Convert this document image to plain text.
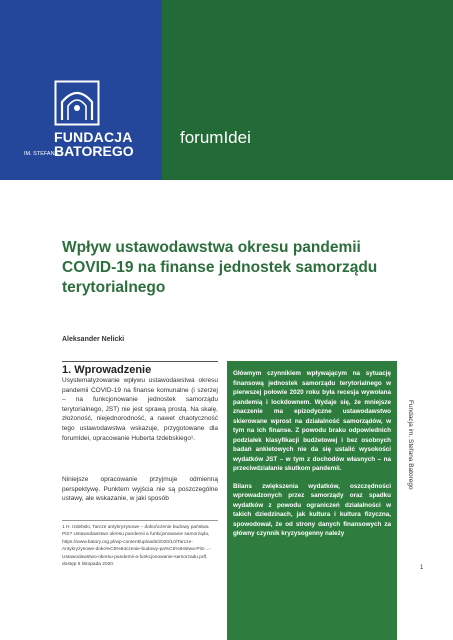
FUNDACJA
IM. STEFANA
BATOREGO
forumIdei
Wpływ ustawodawstwa okresu pandemii COVID-19 na finanse jednostek samorządu terytorialnego
Aleksander Nelicki
1. Wprowadzenie

Usystematyzowanie wpływu ustawodawstwa okresu pandemii COVID-19 na finanse komunalne (i szerzej – na funkcjonowanie jednostek samorządu terytorialnego, JST) nie jest sprawą prostą. Na skalę, złożoność, niejednorodność, a nawet chaotyczność tego ustawodawstwa wskazuje, przygotowane dla forumIdei, opracowanie Huberta Izdebskiego¹.

Niniejsze opracowanie przyjmuje odmienną perspektywę. Punktem wyjścia nie są poszczególne ustawy, ale wskazanie, w jaki sposób

1 H. Izdebski, Tarcze antykryzysowe – dokończenie budowy państwa PiS? Ustawodawstwo okresu pandemii a funkcjonowanie samorządu, https://www.batory.org.pl/wp-content/uploads/2020/10/Tarcze-Antykryzysowe-doko%C5%84czenie-budowy-pa%C5%84stwa-PiS-...-Ustawodawstwo-okresu-pandemii-a-funkcjonowanie-samorzadu.pdf, dostęp 6 listopada 2020.

Głównym czynnikiem wpływającym na sytuację finansową jednostek samorządu terytorialnego w pierwszej połowie 2020 roku była recesja wywołana pandemią i lockdownem. Wydaje się, że mniejsze znaczenie ma epizodyczne ustawodawstwo skierowane wprost na działalność samorządów, w tym na ich finanse. Z powodu braku odpowiednich podziałek klasyfikacji budżetowej i bez osobnych badań ankietowych nie da się ustalić wysokości wydatków JST – w tym z dochodów własnych – na przeciwdziałanie skutkom pandemii.

Bilans zwiększenia wydatków, oszczędności wprowadzonych przez samorządy oraz spadku wydatków z powodu ograniczeń działalności w takich dziedzinach, jak kultura i kultura fizyczna, spowodował, że od strony danych finansowych za główny czynnik kryzysogenny należy

Fundacja im. Stefana Batorego
1
